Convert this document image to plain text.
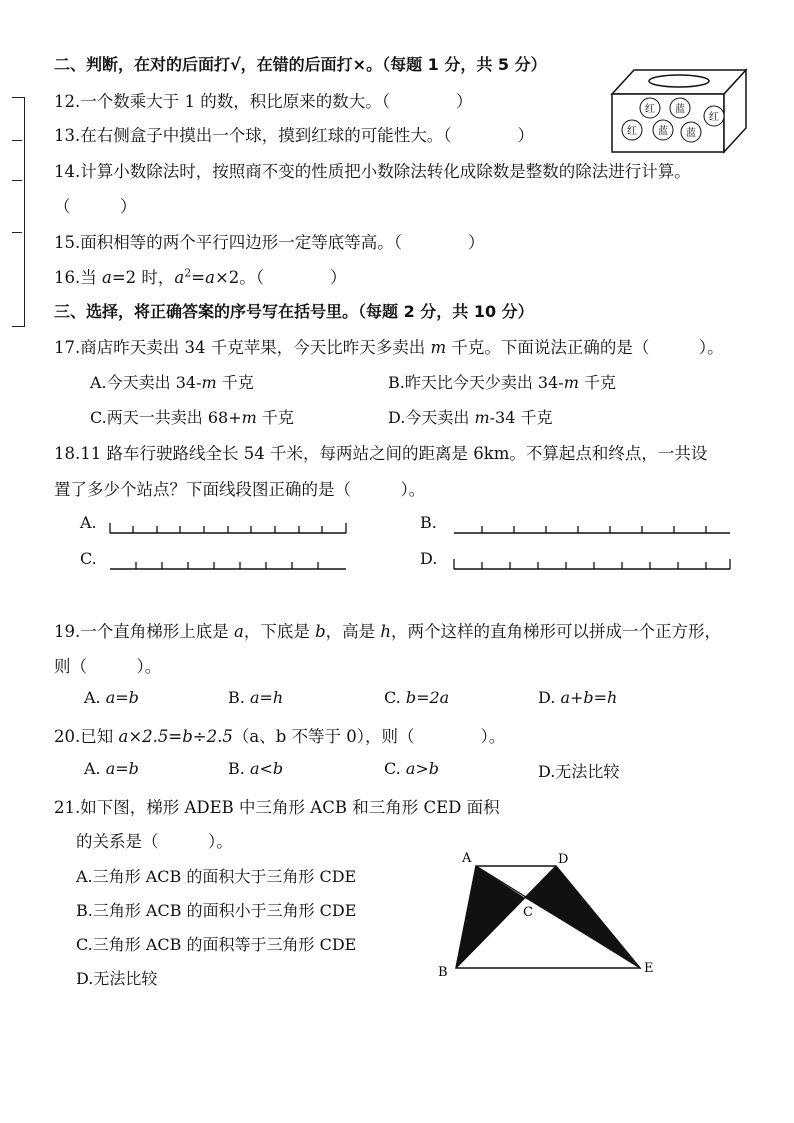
二、判断，在对的后面打√，在错的后面打×。（每题 1 分，共 5 分）
12.一个数乘大于 1 的数，积比原来的数大。（　　　　）
13.在右侧盒子中摸出一个球，摸到红球的可能性大。（　　　　）
14.计算小数除法时，按照商不变的性质把小数除法转化成除数是整数的除法进行计算。
（　　　）
15.面积相等的两个平行四边形一定等底等高。（　　　　）
16.当 a=2 时，$a^2=a\times 2$。（　　　　）
红 蓝
红
红 蓝 蓝
三、选择，将正确答案的序号写在括号里。（每题 2 分，共 10 分）
17.商店昨天卖出 34 千克苹果，今天比昨天多卖出 m 千克。下面说法正确的是（　　　）。
A.今天卖出 34-m 千克	B.昨天比今天少卖出 34-m 千克
C.两天一共卖出 68+m 千克	D.今天卖出 m-34 千克
18.11 路车行驶路线全长 54 千米，每两站之间的距离是 6km。不算起点和终点，一共设
置了多少个站点？下面线段图正确的是（　　　）。
A.	B.
C.	D.
19.一个直角梯形上底是 a，下底是 b，高是 h，两个这样的直角梯形可以拼成一个正方形，
则（　　　）。
A. a=b	B. a=h	C. b=2a	D. a+b=h
20.已知 a×2.5=b÷2.5（a、b 不等于 0），则（　　　　）。
A. a=b	B. a<b	C. a>b	D.无法比较
21.如下图，梯形 ADEB 中三角形 ACB 和三角形 CED 面积
的关系是（　　　）。
A.三角形 ACB 的面积大于三角形 CDE
B.三角形 ACB 的面积小于三角形 CDE
C.三角形 ACB 的面积等于三角形 CDE
D.无法比较
A	D
C
B	E
